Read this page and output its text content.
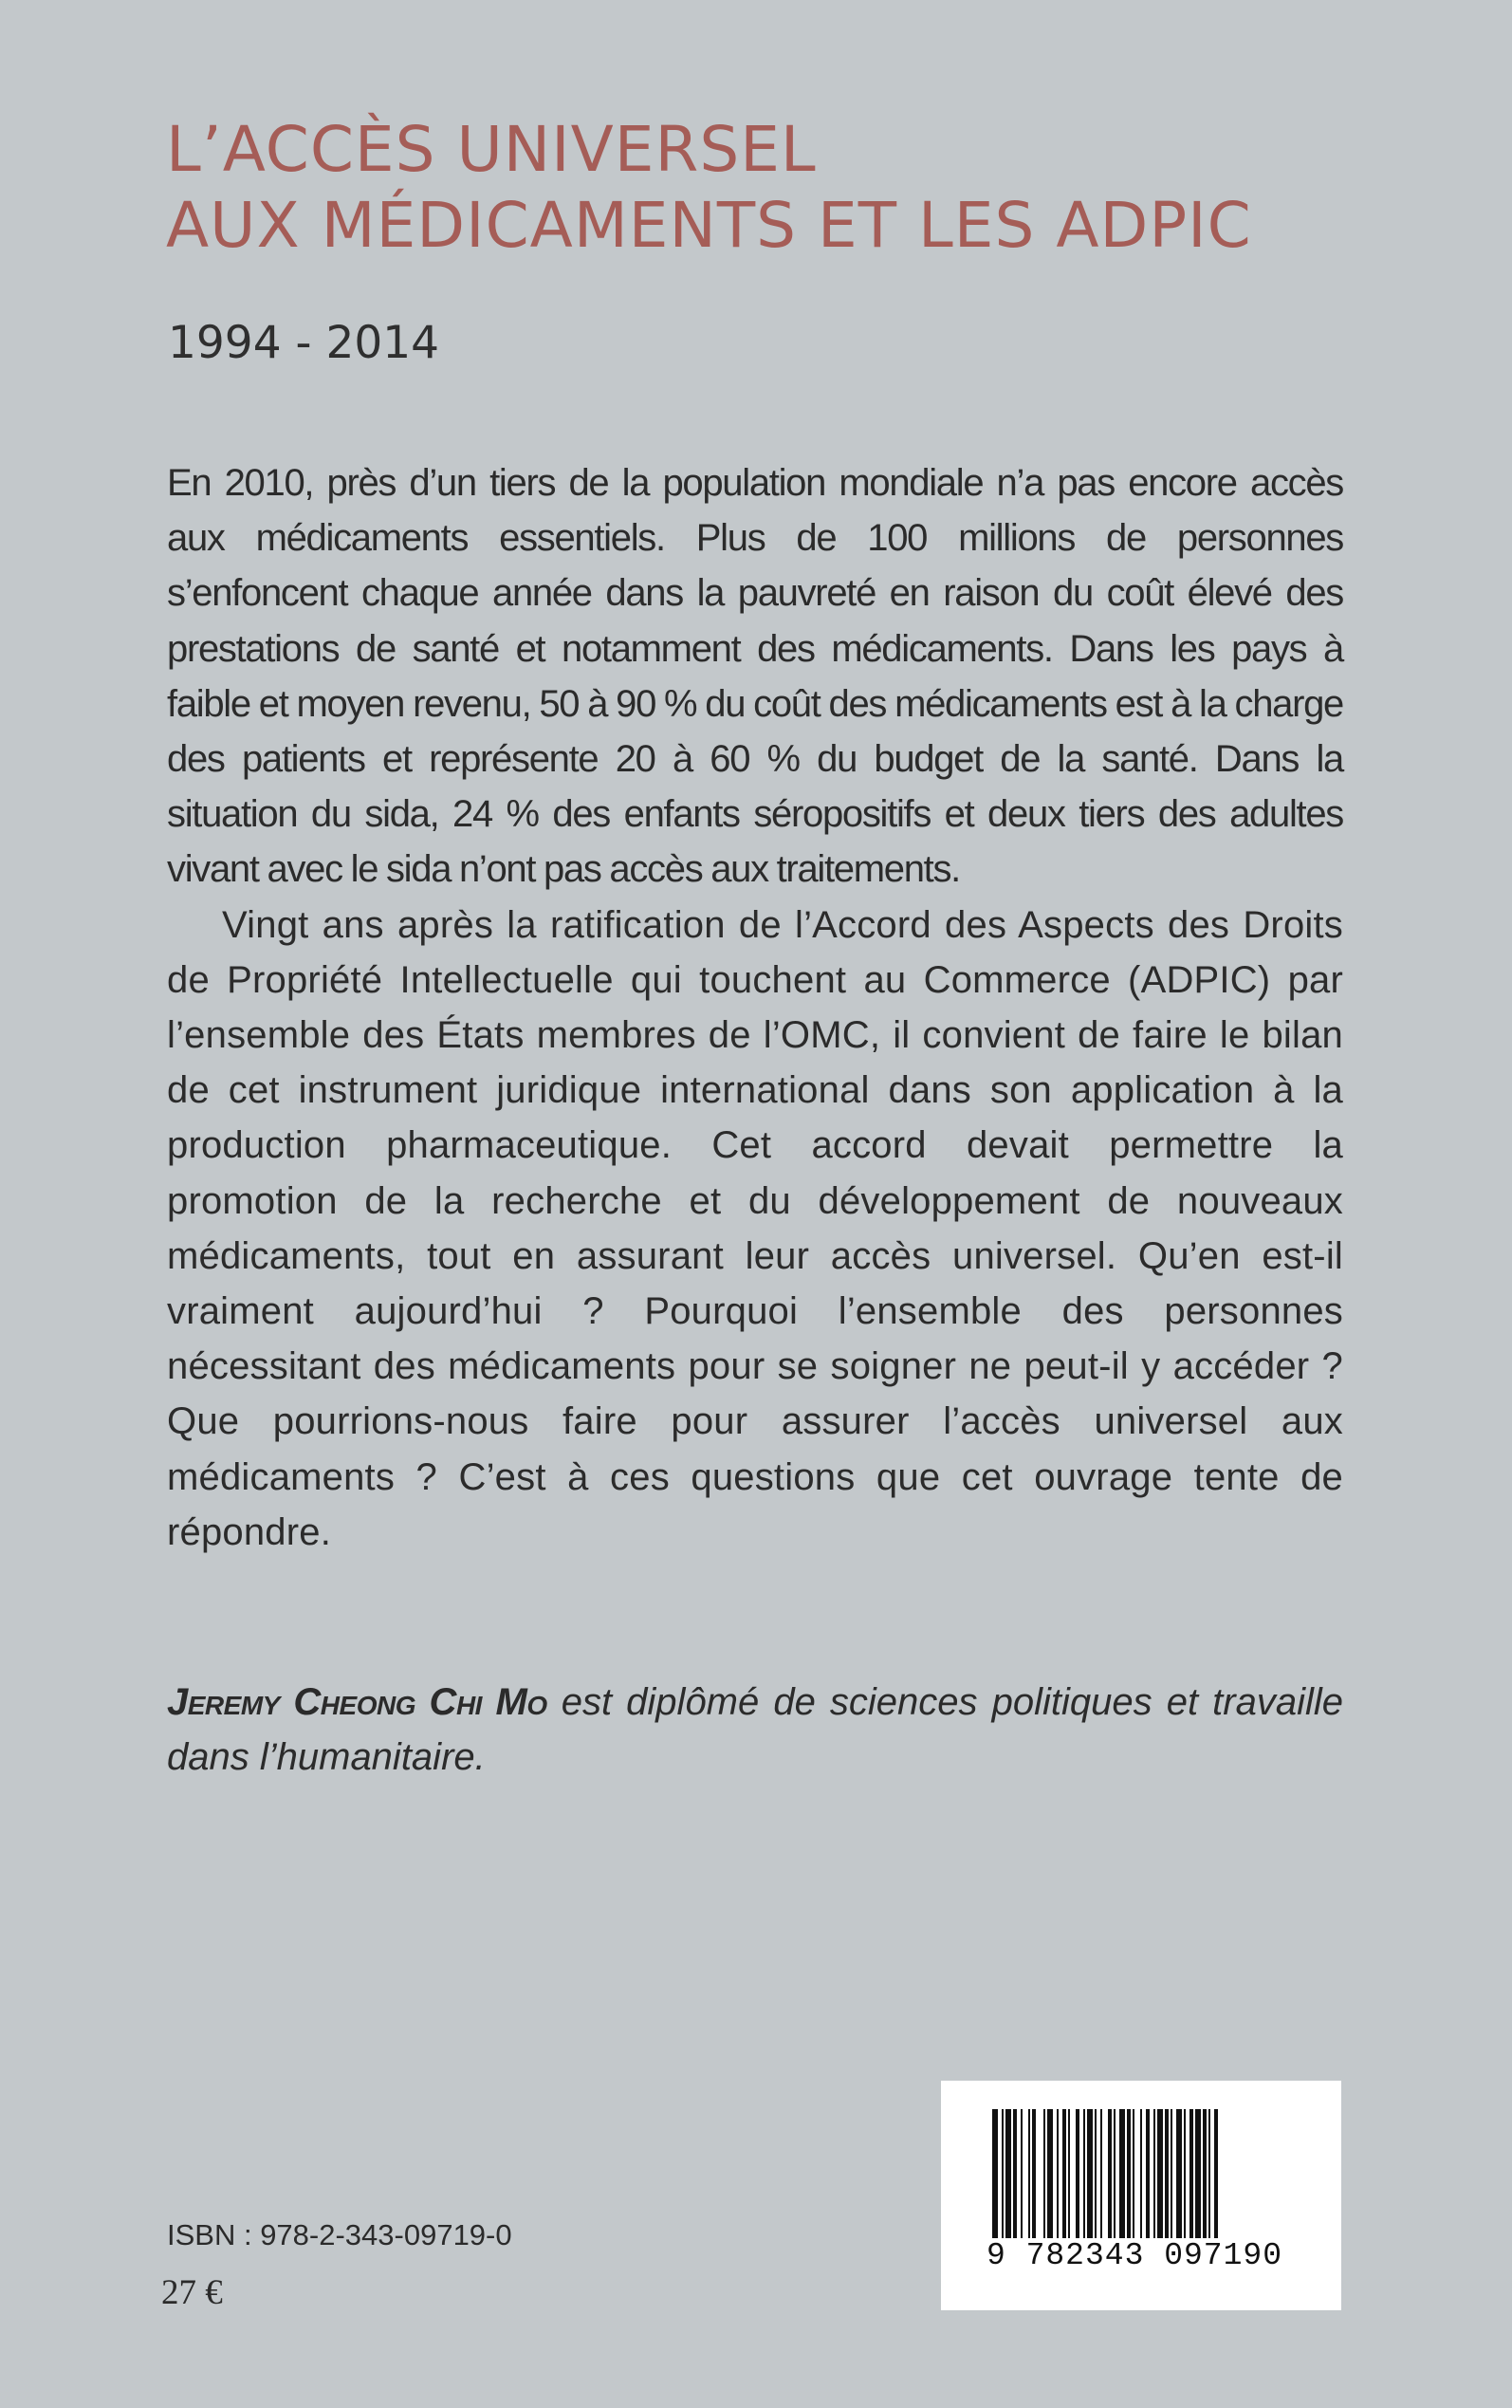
L’ACCÈS UNIVERSEL
AUX MÉDICAMENTS ET LES ADPIC
1994 - 2014

En 2010, près d’un tiers de la population mondiale n’a pas encore accès aux médicaments essentiels. Plus de 100 millions de personnes s’enfoncent chaque année dans la pauvreté en raison du coût élevé des prestations de santé et notamment des médicaments. Dans les pays à faible et moyen revenu, 50 à 90 % du coût des médicaments est à la charge des patients et représente 20 à 60 % du budget de la santé. Dans la situation du sida, 24 % des enfants séropositifs et deux tiers des adultes vivant avec le sida n’ont pas accès aux traitements.

Vingt ans après la ratification de l’Accord des Aspects des Droits de Propriété Intellectuelle qui touchent au Commerce (ADPIC) par l’ensemble des États membres de l’OMC, il convient de faire le bilan de cet instrument juridique international dans son application à la production pharmaceutique. Cet accord devait permettre la promotion de la recherche et du développement de nouveaux médicaments, tout en assurant leur accès universel. Qu’en est-il vraiment aujourd’hui ? Pourquoi l’ensemble des personnes nécessitant des médicaments pour se soigner ne peut-il y accéder ? Que pourrions-nous faire pour assurer l’accès universel aux médicaments ? C’est à ces questions que cet ouvrage tente de répondre.

Jeremy Cheong Chi Mo est diplômé de sciences politiques et travaille dans l’humanitaire.
ISBN : 978-2-343-09719-0
27 €
9 782343 097190
